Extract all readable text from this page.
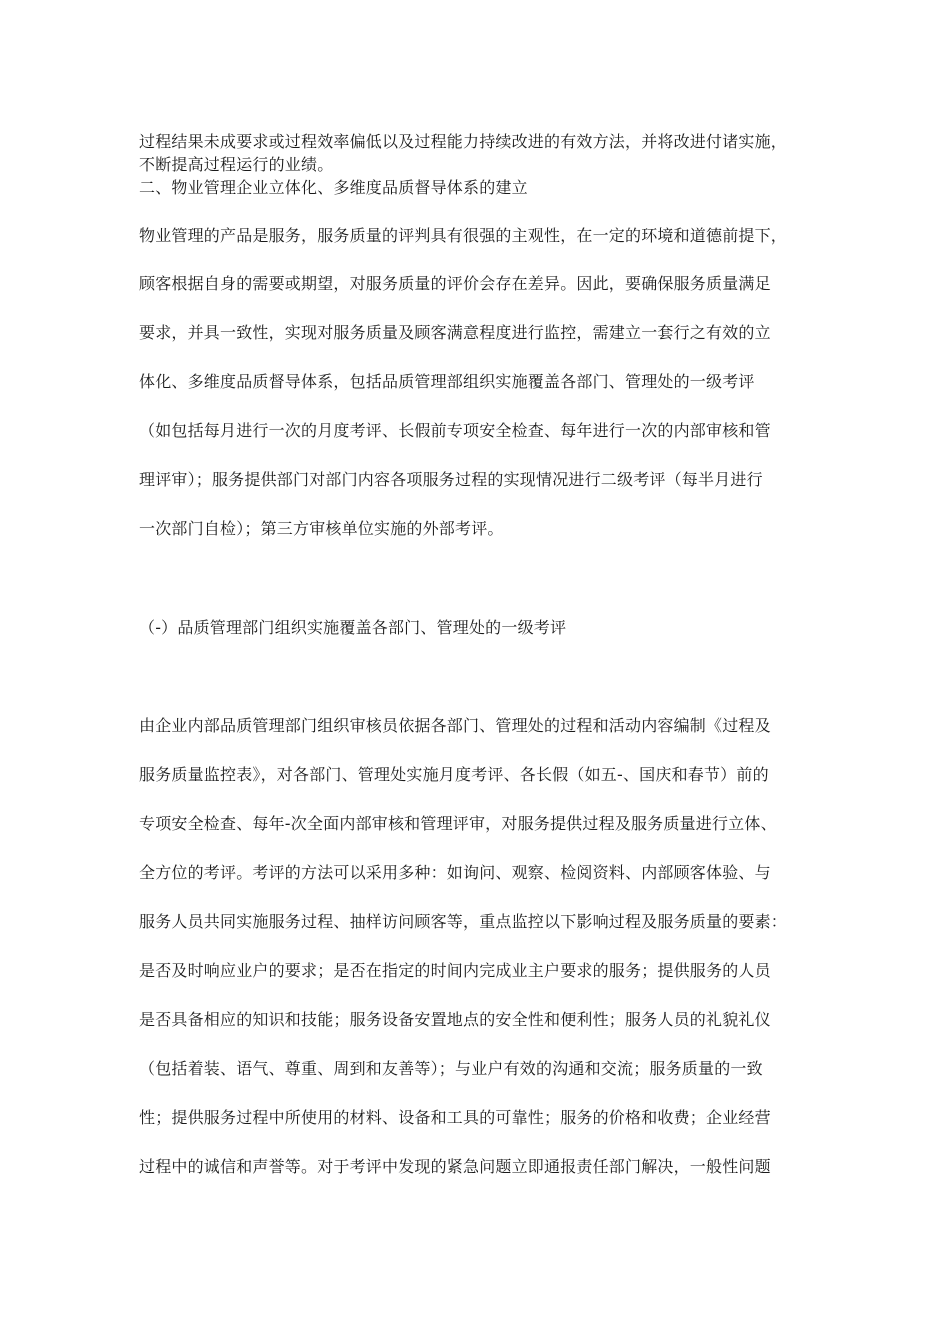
过程结果未成要求或过程效率偏低以及过程能力持续改进的有效方法，并将改进付诸实施，
不断提高过程运行的业绩。
二、物业管理企业立体化、多维度品质督导体系的建立
物业管理的产品是服务，服务质量的评判具有很强的主观性，在一定的环境和道德前提下，
顾客根据自身的需要或期望，对服务质量的评价会存在差异。因此，要确保服务质量满足
要求，并具一致性，实现对服务质量及顾客满意程度进行监控，需建立一套行之有效的立
体化、多维度品质督导体系，包括品质管理部组织实施覆盖各部门、管理处的一级考评
（如包括每月进行一次的月度考评、长假前专项安全检查、每年进行一次的内部审核和管
理评审）；服务提供部门对部门内容各项服务过程的实现情况进行二级考评（每半月进行
一次部门自检）；第三方审核单位实施的外部考评。
（-）品质管理部门组织实施覆盖各部门、管理处的一级考评
由企业内部品质管理部门组织审核员依据各部门、管理处的过程和活动内容编制《过程及
服务质量监控表》，对各部门、管理处实施月度考评、各长假（如五-、国庆和春节）前的
专项安全检查、每年-次全面内部审核和管理评审，对服务提供过程及服务质量进行立体、
全方位的考评。考评的方法可以采用多种：如询问、观察、检阅资料、内部顾客体验、与
服务人员共同实施服务过程、抽样访问顾客等，重点监控以下影响过程及服务质量的要素：
是否及时响应业户的要求；是否在指定的时间内完成业主户要求的服务；提供服务的人员
是否具备相应的知识和技能；服务设备安置地点的安全性和便利性；服务人员的礼貌礼仪
（包括着装、语气、尊重、周到和友善等）；与业户有效的沟通和交流；服务质量的一致
性；提供服务过程中所使用的材料、设备和工具的可靠性；服务的价格和收费；企业经营
过程中的诚信和声誉等。对于考评中发现的紧急问题立即通报责任部门解决，一般性问题
